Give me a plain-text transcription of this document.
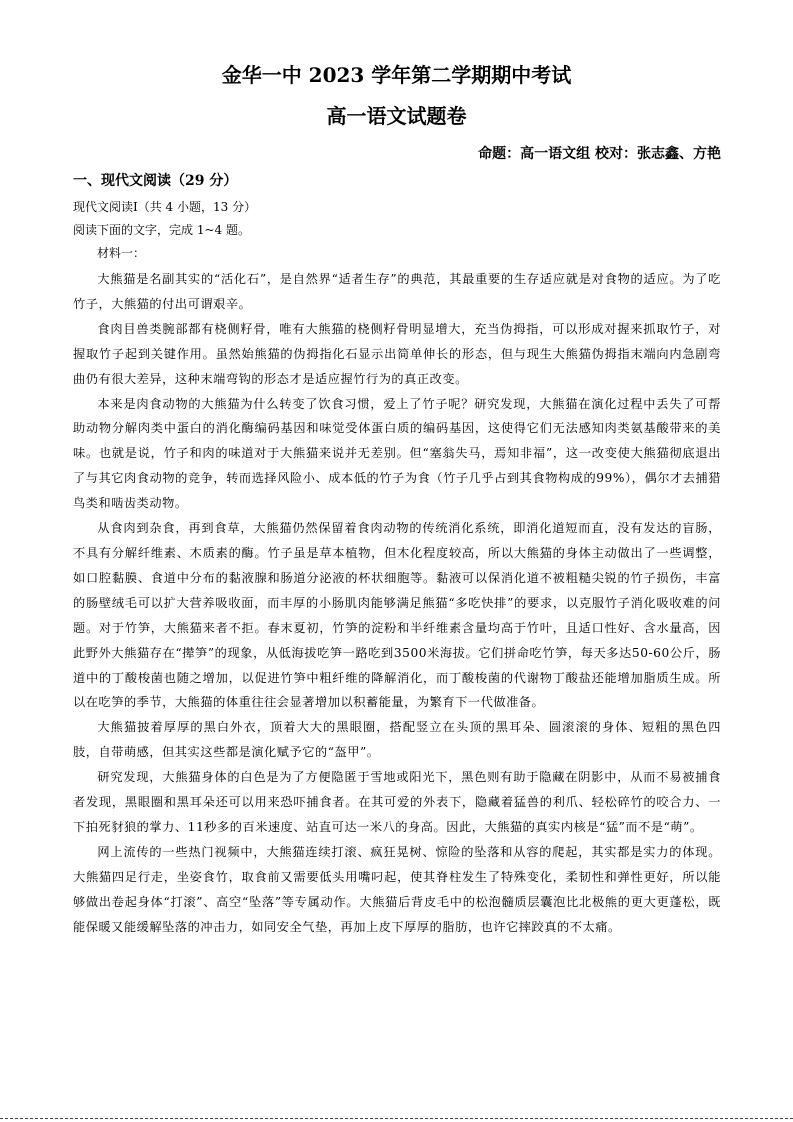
金华一中 2023 学年第二学期期中考试
高一语文试题卷
命题：高一语文组 校对：张志鑫、方艳
一、现代文阅读（29 分）
现代文阅读Ⅰ（共 4 小题，13 分）
阅读下面的文字，完成 1~4 题。
材料一：

大熊猫是名副其实的“活化石”，是自然界“适者生存”的典范，其最重要的生存适应就是对食物的适应。为了吃竹子，大熊猫的付出可谓艰辛。

食肉目兽类腕部都有桡侧籽骨，唯有大熊猫的桡侧籽骨明显增大，充当伪拇指，可以形成对握来抓取竹子，对握取竹子起到关键作用。虽然始熊猫的伪拇指化石显示出简单伸长的形态，但与现生大熊猫伪拇指末端向内急剧弯曲仍有很大差异，这种末端弯钩的形态才是适应握竹行为的真正改变。

本来是肉食动物的大熊猫为什么转变了饮食习惯，爱上了竹子呢？研究发现，大熊猫在演化过程中丢失了可帮助动物分解肉类中蛋白的消化酶编码基因和味觉受体蛋白质的编码基因，这使得它们无法感知肉类氨基酸带来的美味。也就是说，竹子和肉的味道对于大熊猫来说并无差别。但“塞翁失马，焉知非福”，这一改变使大熊猫彻底退出了与其它肉食动物的竞争，转而选择风险小、成本低的竹子为食（竹子几乎占到其食物构成的99%），偶尔才去捕猎鸟类和啮齿类动物。

从食肉到杂食，再到食草，大熊猫仍然保留着食肉动物的传统消化系统，即消化道短而直，没有发达的盲肠，不具有分解纤维素、木质素的酶。竹子虽是草本植物，但木化程度较高，所以大熊猫的身体主动做出了一些调整，如口腔黏膜、食道中分布的黏液腺和肠道分泌液的杯状细胞等。黏液可以保消化道不被粗糙尖锐的竹子损伤，丰富的肠壁绒毛可以扩大营养吸收面，而丰厚的小肠肌肉能够满足熊猫“多吃快排”的要求，以克服竹子消化吸收难的问题。对于竹笋，大熊猫来者不拒。春末夏初，竹笋的淀粉和半纤维素含量均高于竹叶，且适口性好、含水量高，因此野外大熊猫存在“撵笋”的现象，从低海拔吃笋一路吃到3500米海拔。它们拼命吃竹笋，每天多达50-60公斤，肠道中的丁酸梭菌也随之增加，以促进竹笋中粗纤维的降解消化，而丁酸梭菌的代谢物丁酸盐还能增加脂质生成。所以在吃笋的季节，大熊猫的体重往往会显著增加以积蓄能量，为繁育下一代做准备。

大熊猫披着厚厚的黑白外衣，顶着大大的黑眼圈，搭配竖立在头顶的黑耳朵、圆滚滚的身体、短粗的黑色四肢，自带萌感，但其实这些都是演化赋予它的“盔甲”。

研究发现，大熊猫身体的白色是为了方便隐匿于雪地或阳光下，黑色则有助于隐藏在阴影中，从而不易被捕食者发现，黑眼圈和黑耳朵还可以用来恐吓捕食者。在其可爱的外表下，隐藏着猛兽的利爪、轻松碎竹的咬合力、一下拍死豺狼的掌力、11秒多的百米速度、站直可达一米八的身高。因此，大熊猫的真实内核是“猛”而不是“萌”。

网上流传的一些热门视频中，大熊猫连续打滚、疯狂晃树、惊险的坠落和从容的爬起，其实都是实力的体现。大熊猫四足行走，坐姿食竹，取食前又需要低头用嘴叼起，使其脊柱发生了特殊变化，柔韧性和弹性更好，所以能够做出卷起身体“打滚”、高空“坠落”等专属动作。大熊猫后背皮毛中的松泡髓质层囊泡比北极熊的更大更蓬松，既能保暖又能缓解坠落的冲击力，如同安全气垫，再加上皮下厚厚的脂肪，也许它摔跤真的不太痛。
